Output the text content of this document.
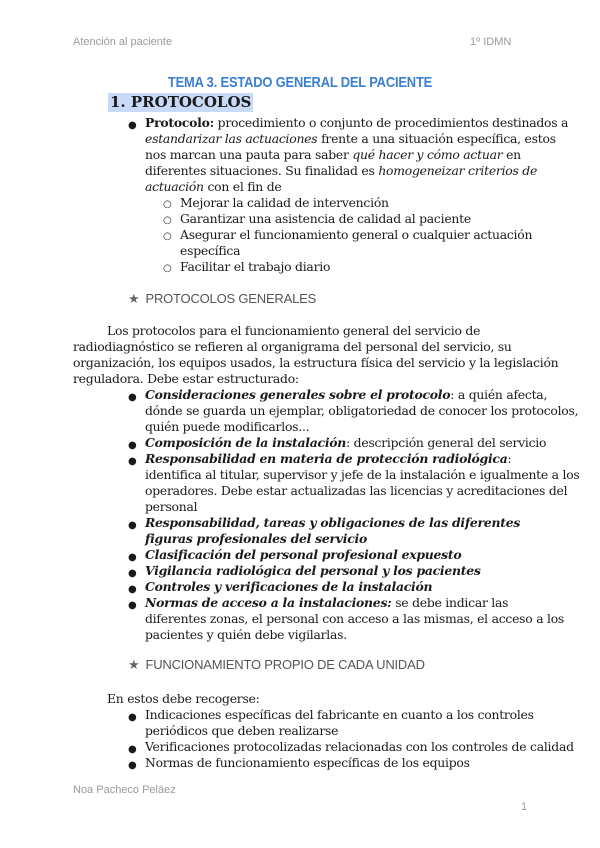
Atención al paciente	1º IDMN
TEMA 3. ESTADO GENERAL DEL PACIENTE
1. PROTOCOLOS
● Protocolo: procedimiento o conjunto de procedimientos destinados a
estandarizar las actuaciones frente a una situación específica, estos
nos marcan una pauta para saber qué hacer y cómo actuar en
diferentes situaciones. Su finalidad es homogeneizar criterios de
actuación con el fin de
○ Mejorar la calidad de intervención
○ Garantizar una asistencia de calidad al paciente
○ Asegurar el funcionamiento general o cualquier actuación
específica
○ Facilitar el trabajo diario
★ PROTOCOLOS GENERALES
Los protocolos para el funcionamiento general del servicio de
radiodiagnóstico se refieren al organigrama del personal del servicio, su
organización, los equipos usados, la estructura física del servicio y la legislación
reguladora. Debe estar estructurado:
● Consideraciones generales sobre el protocolo: a quién afecta,
dónde se guarda un ejemplar, obligatoriedad de conocer los protocolos,
quién puede modificarlos...
● Composición de la instalación: descripción general del servicio
● Responsabilidad en materia de protección radiológica:
identifica al titular, supervisor y jefe de la instalación e igualmente a los
operadores. Debe estar actualizadas las licencias y acreditaciones del
personal
● Responsabilidad, tareas y obligaciones de las diferentes
figuras profesionales del servicio
● Clasificación del personal profesional expuesto
● Vigilancia radiológica del personal y los pacientes
● Controles y verificaciones de la instalación
● Normas de acceso a la instalaciones: se debe indicar las
diferentes zonas, el personal con acceso a las mismas, el acceso a los
pacientes y quién debe vigilarlas.
★ FUNCIONAMIENTO PROPIO DE CADA UNIDAD
En estos debe recogerse:
● Indicaciones específicas del fabricante en cuanto a los controles
periódicos que deben realizarse
● Verificaciones protocolizadas relacionadas con los controles de calidad
● Normas de funcionamiento específicas de los equipos
Noa Pacheco Peláez
1
